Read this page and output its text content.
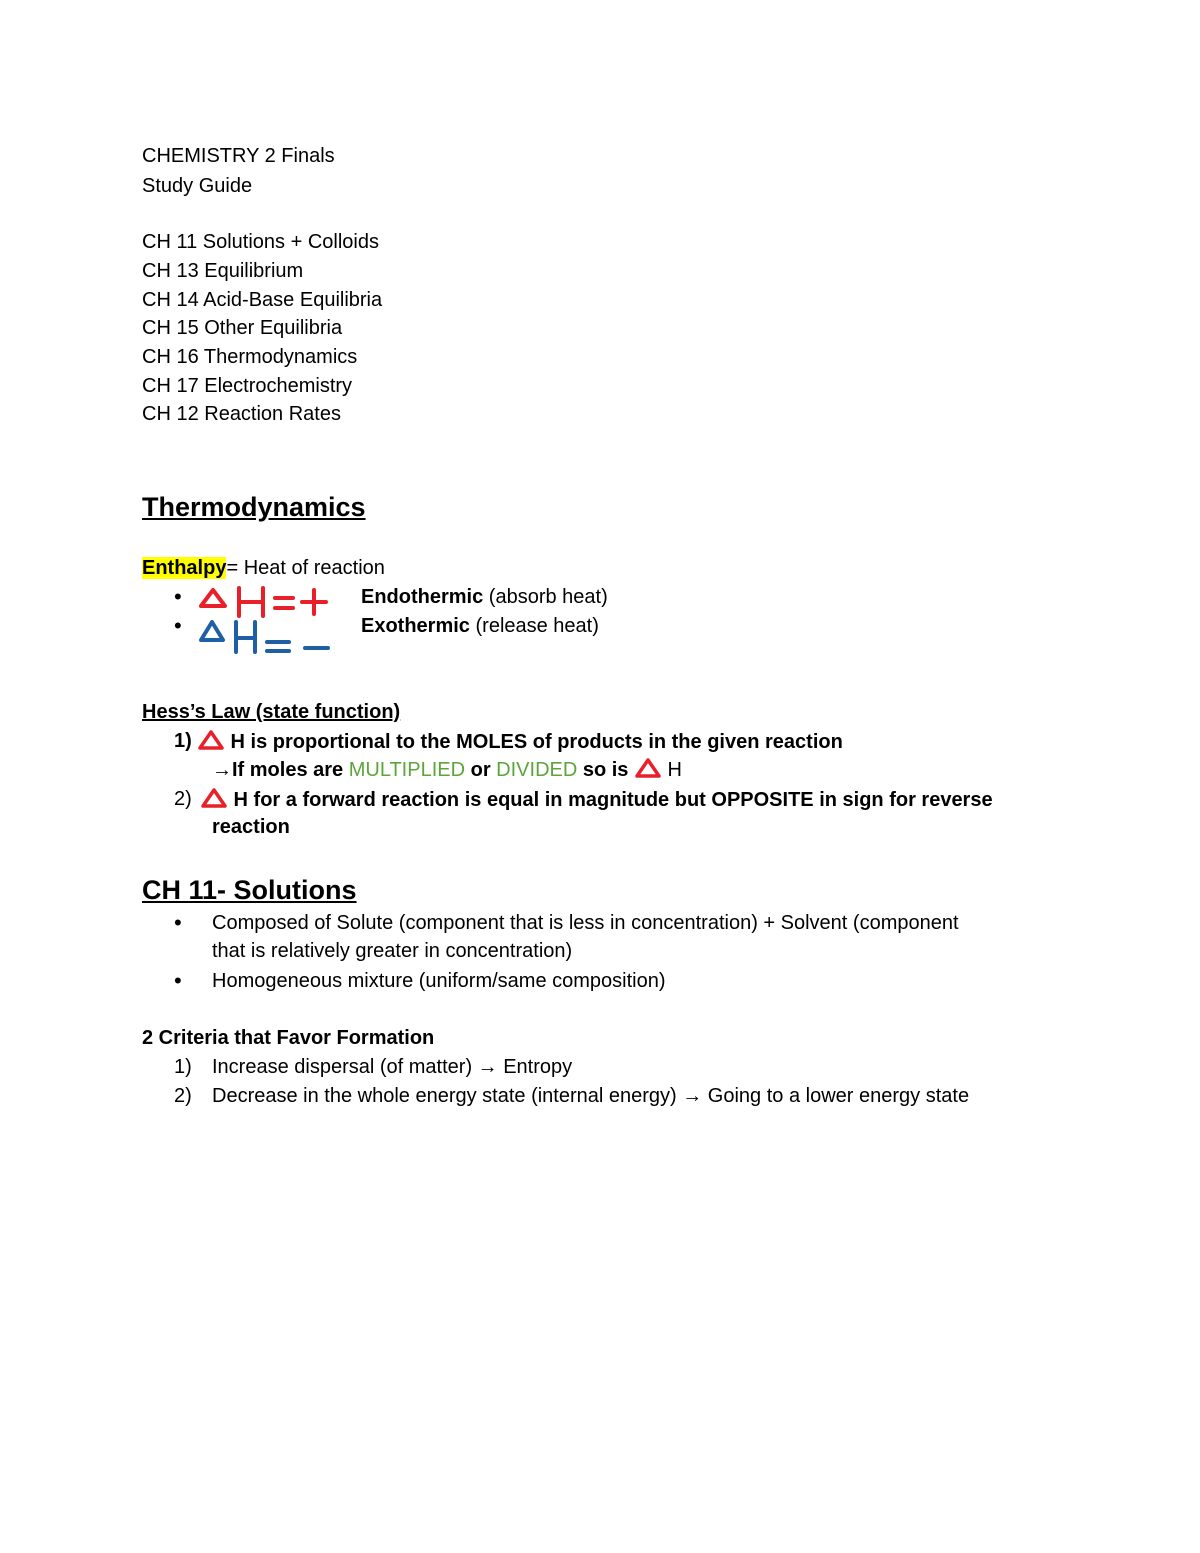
CHEMISTRY 2 Finals
Study Guide
CH 11 Solutions + Colloids
CH 13 Equilibrium
CH 14 Acid-Base Equilibria
CH 15 Other Equilibria
CH 16 Thermodynamics
CH 17 Electrochemistry
CH 12 Reaction Rates
Thermodynamics
Enthalpy= Heat of reaction
•	Endothermic (absorb heat)
•	Exothermic (release heat)
Hess’s Law (state function)
1)	H is proportional to the MOLES of products in the given reaction
→If moles are MULTIPLIED or DIVIDED so is  H
2)	H for a forward reaction is equal in magnitude but OPPOSITE in sign for reverse
reaction
CH 11- Solutions
• Composed of Solute (component that is less in concentration) + Solvent (component
that is relatively greater in concentration)
• Homogeneous mixture (uniform/same composition)
2 Criteria that Favor Formation
1) Increase dispersal (of matter) → Entropy
2) Decrease in the whole energy state (internal energy) → Going to a lower energy state
